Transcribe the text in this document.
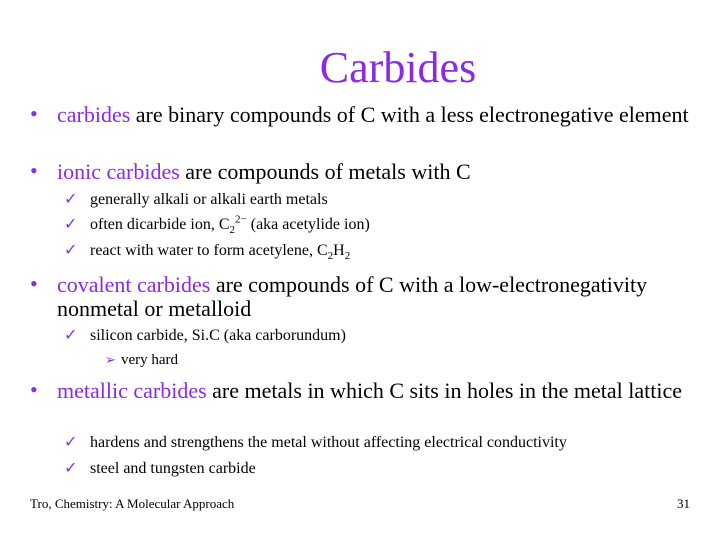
Carbides
• carbides are binary compounds of C with a less electronegative element
• ionic carbides are compounds of metals with C
✓ generally alkali or alkali earth metals
✓ often dicarbide ion, $C_2^{2-}$ (aka acetylide ion)
✓ react with water to form acetylene, $C_2H_2$
• covalent carbides are compounds of C with a low-electronegativity nonmetal or metalloid
✓ silicon carbide, Si.C (aka carborundum)
➢ very hard
• metallic carbides are metals in which C sits in holes in the metal lattice
✓ hardens and strengthens the metal without affecting electrical conductivity
✓ steel and tungsten carbide
Tro, Chemistry: A Molecular Approach	31
